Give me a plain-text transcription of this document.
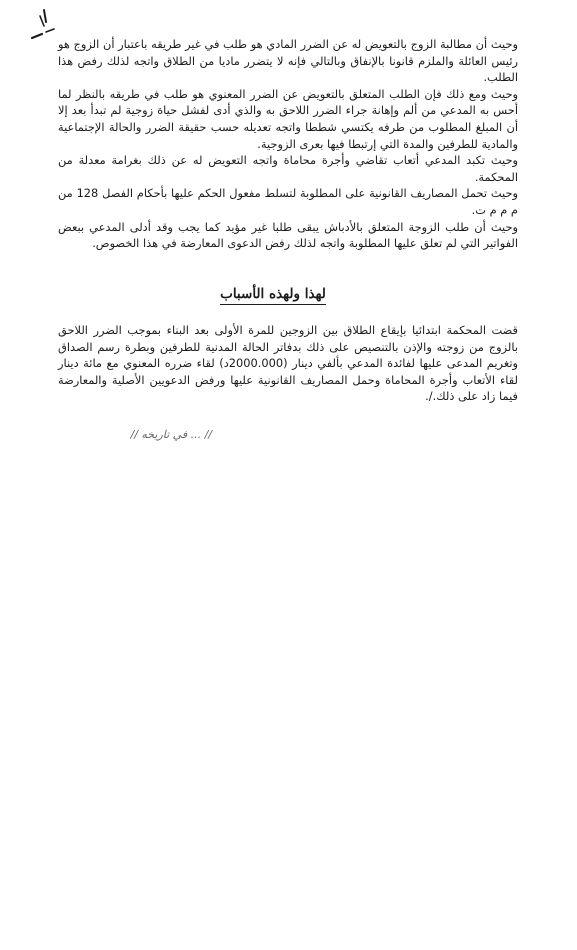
وحيث أن مطالبة الزوج بالتعويض له عن الضرر المادي هو طلب في غير طريقه باعتبار أن الزوج هو رئيس العائلة والملزم قانونا بالإنفاق وبالتالي فإنه لا يتضرر ماديا من الطلاق واتجه لذلك رفض هذا الطلب.

وحيث ومع ذلك فإن الطلب المتعلق بالتعويض عن الضرر المعنوي هو طلب في طريقه بالنظر لما أحس به المدعي من ألم وإهانة جراء الضرر اللاحق به والذي أدى لفشل حياة زوجية لم تبدأ بعد إلا أن المبلغ المطلوب من طرفه يكتسي شططا واتجه تعديله حسب حقيقة الضرر والحالة الإجتماعية والمادية للطرفين والمدة التي إرتبطا فيها بعرى الزوجية.

وحيث تكبد المدعي أتعاب تقاضي وأجرة محاماة واتجه التعويض له عن ذلك بغرامة معدلة من المحكمة.

وحيث تحمل المصاريف القانونية على المطلوبة لتسلط مفعول الحكم عليها بأحكام الفصل 128 من م م م ت.

وحيث أن طلب الزوجة المتعلق بالأدباش يبقى طلبا غير مؤيد كما يجب وقد أدلى المدعي ببعض الفواتير التي لم تعلق عليها المطلوبة واتجه لذلك رفض الدعوى المعارضة في هذا الخصوص.

لهذا ولهذه الأسباب

قضت المحكمة ابتدائيا بإيقاع الطلاق بين الزوجين للمرة الأولى بعد البناء بموجب الضرر اللاحق بالزوج من زوجته والإذن بالتنصيص على ذلك بدفاتر الحالة المدنية للطرفين وبطرة رسم الصداق وتغريم المدعى عليها لفائدة المدعي بألفي دينار (2000.000د) لقاء ضرره المعنوي مع مائة دينار لقاء الأتعاب وأجرة المحاماة وحمل المصاريف القانونية عليها ورفض الدعويين الأصلية والمعارضة فيما زاد على ذلك./.

// ... في تاريخه //
